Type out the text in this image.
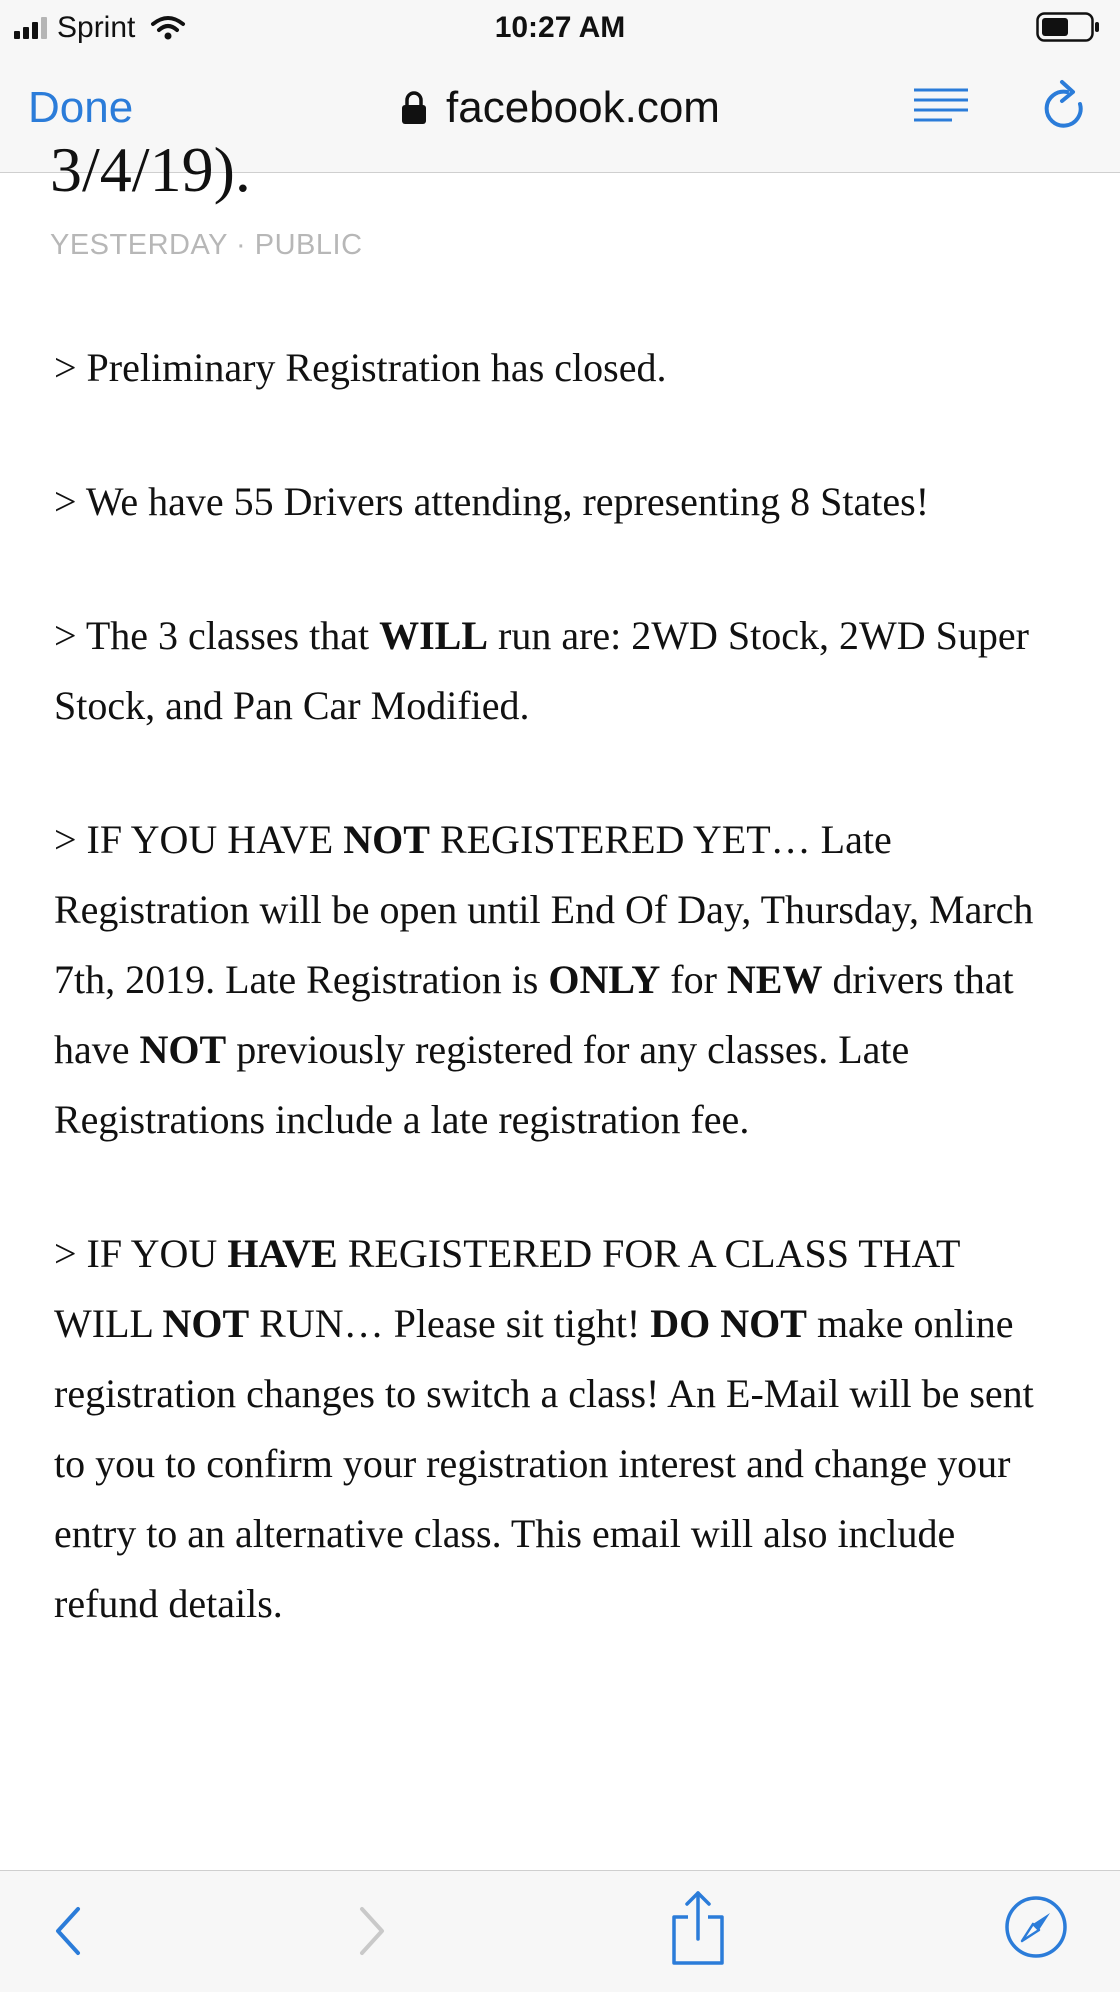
Sprint	10:27 AM
Done	facebook.com
3/4/19).
YESTERDAY · PUBLIC

> Preliminary Registration has closed.

> We have 55 Drivers attending, representing 8 States!

> The 3 classes that WILL run are: 2WD Stock, 2WD Super Stock, and Pan Car Modified.

> IF YOU HAVE NOT REGISTERED YET… Late Registration will be open until End Of Day, Thursday, March 7th, 2019. Late Registration is ONLY for NEW drivers that have NOT previously registered for any classes. Late Registrations include a late registration fee.

> IF YOU HAVE REGISTERED FOR A CLASS THAT WILL NOT RUN… Please sit tight! DO NOT make online registration changes to switch a class! An E-Mail will be sent to you to confirm your registration interest and change your entry to an alternative class. This email will also include refund details.
